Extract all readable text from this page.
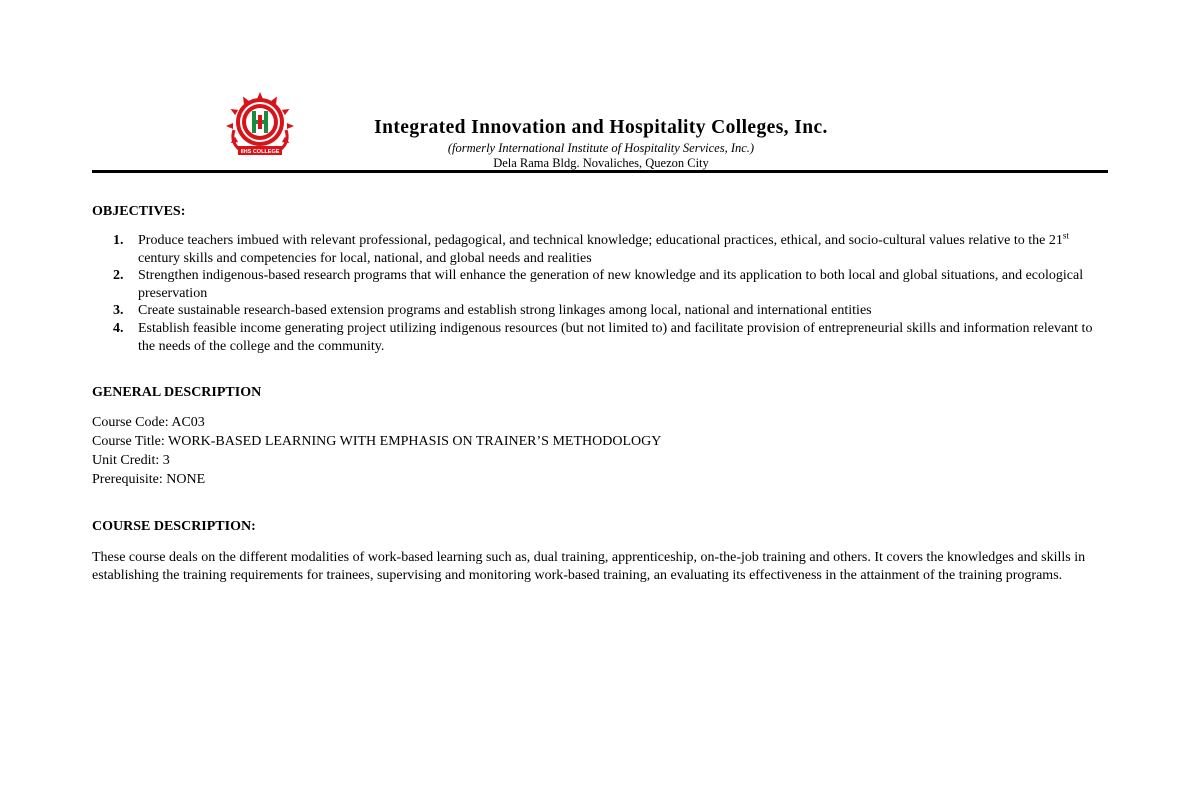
IIHS COLLEGE
Integrated Innovation and Hospitality Colleges, Inc.
(formerly International Institute of Hospitality Services, Inc.)
Dela Rama Bldg. Novaliches, Quezon City
OBJECTIVES:
1. Produce teachers imbued with relevant professional, pedagogical, and technical knowledge; educational practices, ethical, and socio-cultural values relative to the 21st century skills and competencies for local, national, and global needs and realities
2. Strengthen indigenous-based research programs that will enhance the generation of new knowledge and its application to both local and global situations, and ecological preservation
3. Create sustainable research-based extension programs and establish strong linkages among local, national and international entities
4. Establish feasible income generating project utilizing indigenous resources (but not limited to) and facilitate provision of entrepreneurial skills and information relevant to the needs of the college and the community.
GENERAL DESCRIPTION
Course Code: AC03
Course Title: WORK-BASED LEARNING WITH EMPHASIS ON TRAINER’S METHODOLOGY
Unit Credit: 3
Prerequisite: NONE
COURSE DESCRIPTION:

These course deals on the different modalities of work-based learning such as, dual training, apprenticeship, on-the-job training and others. It covers the knowledges and skills in establishing the training requirements for trainees, supervising and monitoring work-based training, an evaluating its effectiveness in the attainment of the training programs.
